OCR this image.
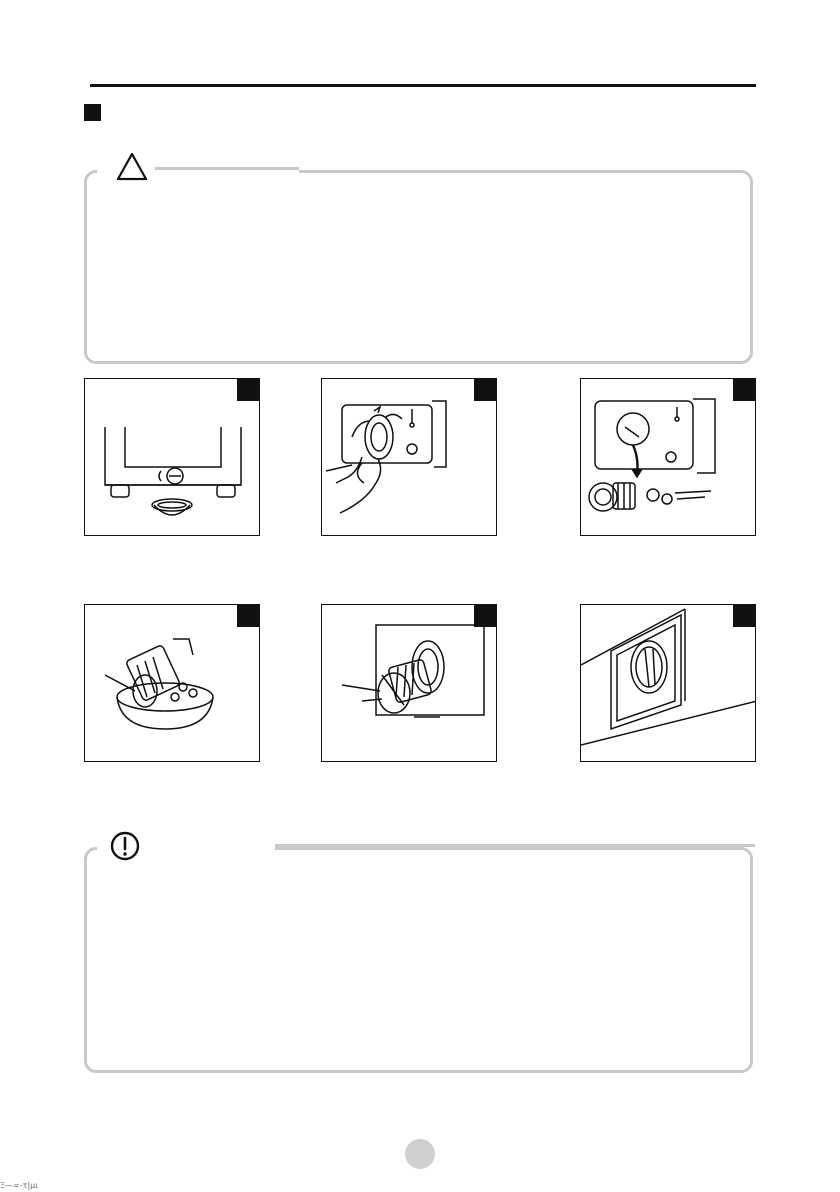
Ξ—=-τ|μι
